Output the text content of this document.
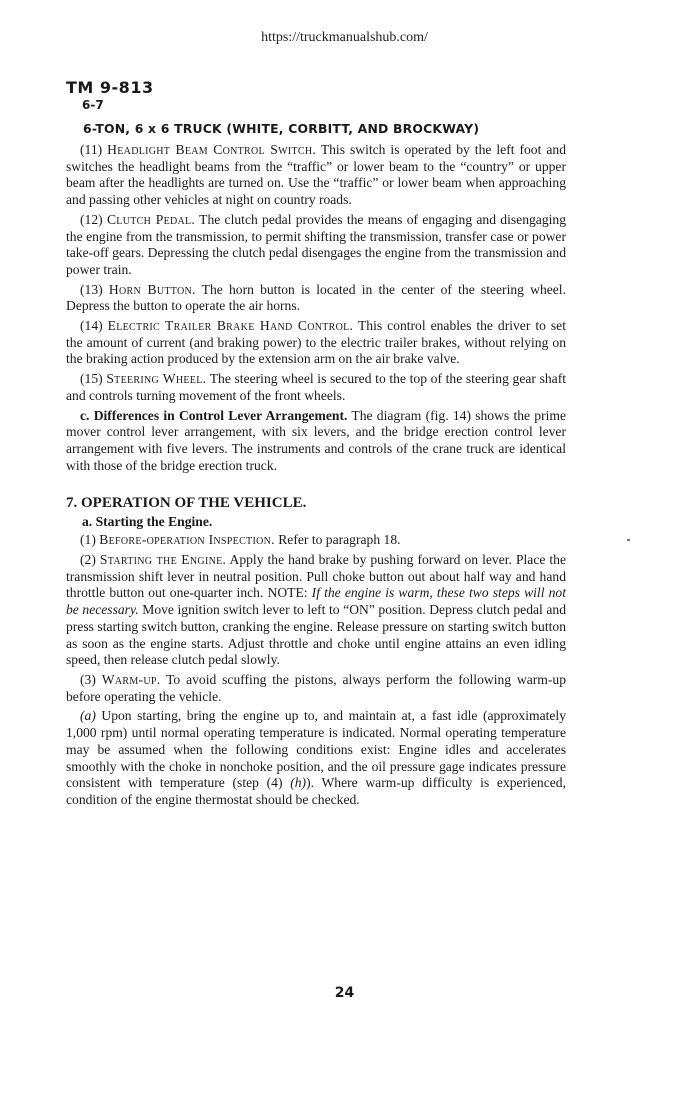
https://truckmanualshub.com/
TM 9-813
6-7
6-TON, 6 x 6 TRUCK (WHITE, CORBITT, AND BROCKWAY)

(11) Headlight Beam Control Switch. This switch is operated by the left foot and switches the headlight beams from the “traffic” or lower beam to the “country” or upper beam after the headlights are turned on. Use the “traffic” or lower beam when approaching and passing other vehicles at night on country roads.

(12) Clutch Pedal. The clutch pedal provides the means of engaging and disengaging the engine from the transmission, to permit shifting the transmission, transfer case or power take-off gears. Depressing the clutch pedal disengages the engine from the transmission and power train.

(13) Horn Button. The horn button is located in the center of the steering wheel. Depress the button to operate the air horns.

(14) Electric Trailer Brake Hand Control. This control enables the driver to set the amount of current (and braking power) to the electric trailer brakes, without relying on the braking action produced by the extension arm on the air brake valve.

(15) Steering Wheel. The steering wheel is secured to the top of the steering gear shaft and controls turning movement of the front wheels.

c. Differences in Control Lever Arrangement. The diagram (fig. 14) shows the prime mover control lever arrangement, with six levers, and the bridge erection control lever arrangement with five levers. The instruments and controls of the crane truck are identical with those of the bridge erection truck.

7. OPERATION OF THE VEHICLE.
a. Starting the Engine.

(1) Before-operation Inspection. Refer to paragraph 18.

(2) Starting the Engine. Apply the hand brake by pushing forward on lever. Place the transmission shift lever in neutral position. Pull choke button out about half way and hand throttle button out one-quarter inch. NOTE: If the engine is warm, these two steps will not be necessary. Move ignition switch lever to left to “ON” position. Depress clutch pedal and press starting switch button, cranking the engine. Release pressure on starting switch button as soon as the engine starts. Adjust throttle and choke until engine attains an even idling speed, then release clutch pedal slowly.

(3) Warm-up. To avoid scuffing the pistons, always perform the following warm-up before operating the vehicle.

(a) Upon starting, bring the engine up to, and maintain at, a fast idle (approximately 1,000 rpm) until normal operating temperature is indicated. Normal operating temperature may be assumed when the following conditions exist: Engine idles and accelerates smoothly with the choke in nonchoke position, and the oil pressure gage indicates pressure consistent with temperature (step (4) (h)). Where warm-up difficulty is experienced, condition of the engine thermostat should be checked.

24
